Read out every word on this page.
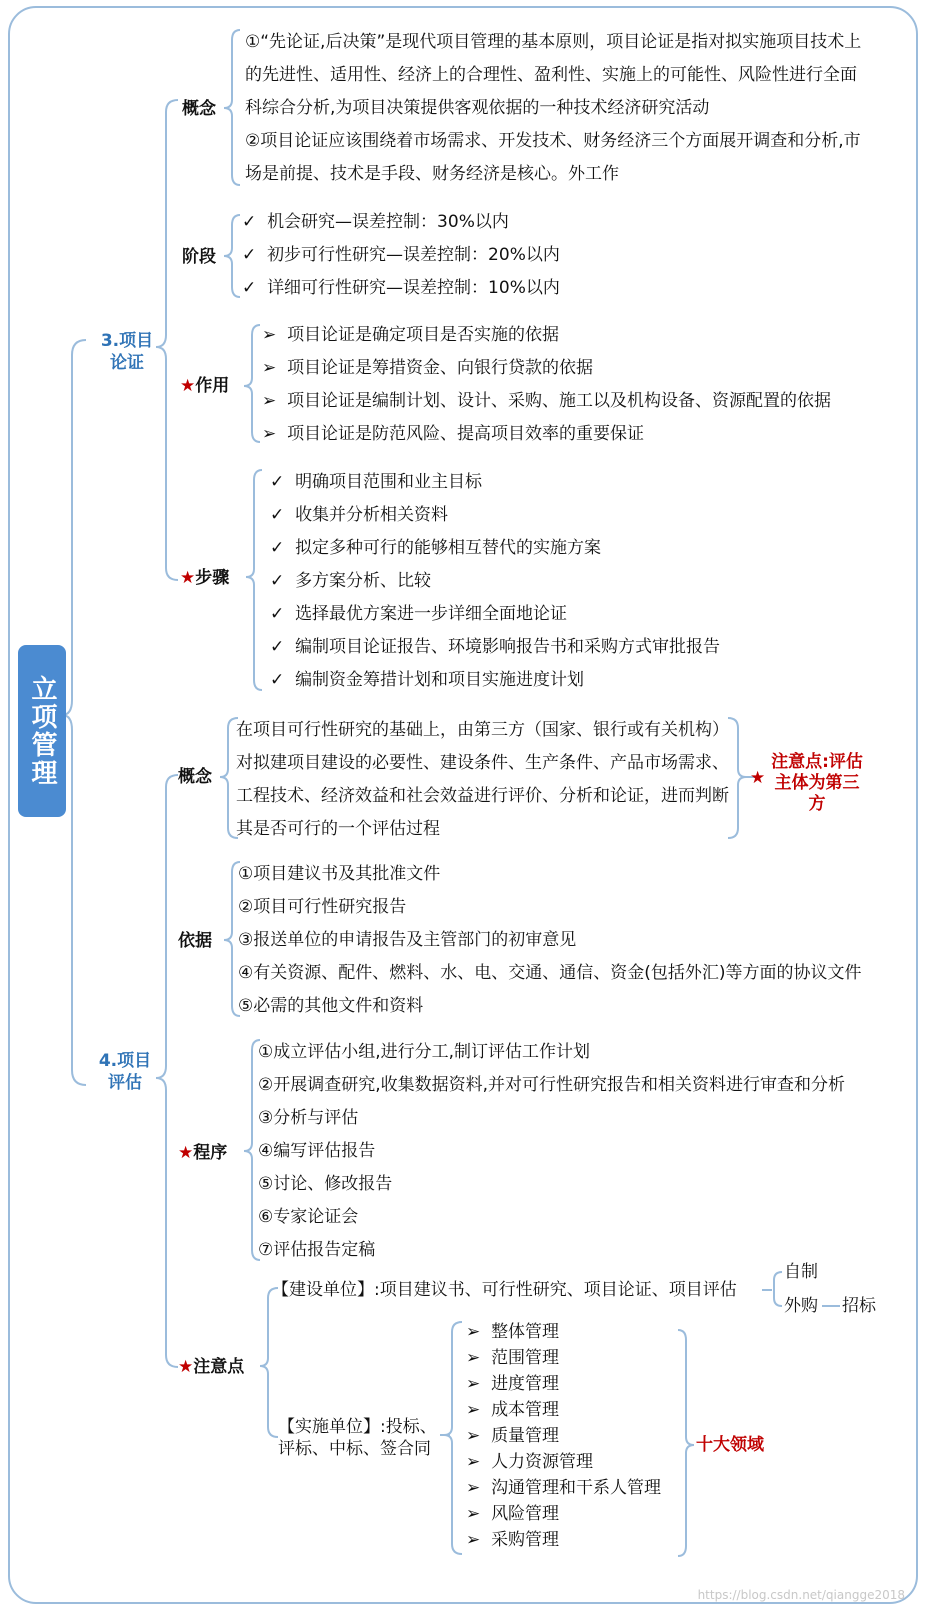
立项管理
3.项目
论证
概念
①“先论证,后决策”是现代项目管理的基本原则，项目论证是指对拟实施项目技术上的先进性、适用性、经济上的合理性、盈利性、实施上的可能性、风险性进行全面科综合分析,为项目决策提供客观依据的一种技术经济研究活动
②项目论证应该围绕着市场需求、开发技术、财务经济三个方面展开调查和分析,市场是前提、技术是手段、财务经济是核心。外工作
阶段
✓ 机会研究—误差控制：30%以内
✓ 初步可行性研究—误差控制：20%以内
✓ 详细可行性研究—误差控制：10%以内
★作用
➢ 项目论证是确定项目是否实施的依据
➢ 项目论证是筹措资金、向银行贷款的依据
➢ 项目论证是编制计划、设计、采购、施工以及机构设备、资源配置的依据
➢ 项目论证是防范风险、提高项目效率的重要保证
★步骤
✓ 明确项目范围和业主目标
✓ 收集并分析相关资料
✓ 拟定多种可行的能够相互替代的实施方案
✓ 多方案分析、比较
✓ 选择最优方案进一步详细全面地论证
✓ 编制项目论证报告、环境影响报告书和采购方式审批报告
✓ 编制资金筹措计划和项目实施进度计划
4.项目
评估
概念
在项目可行性研究的基础上，由第三方（国家、银行或有关机构）对拟建项目建设的必要性、建设条件、生产条件、产品市场需求、工程技术、经济效益和社会效益进行评价、分析和论证，进而判断其是否可行的一个评估过程
★
注意点:评估
主体为第三
方
依据
①项目建议书及其批准文件
②项目可行性研究报告
③报送单位的申请报告及主管部门的初审意见
④有关资源、配件、燃料、水、电、交通、通信、资金(包括外汇)等方面的协议文件
⑤必需的其他文件和资料
★程序
①成立评估小组,进行分工,制订评估工作计划
②开展调查研究,收集数据资料,并对可行性研究报告和相关资料进行审查和分析
③分析与评估
④编写评估报告
⑤讨论、修改报告
⑥专家论证会
⑦评估报告定稿
★注意点
【建设单位】:项目建议书、可行性研究、项目论证、项目评估
自制
外购 招标
【实施单位】:投标、
评标、中标、签合同
➢ 整体管理
➢ 范围管理
➢ 进度管理
➢ 成本管理
➢ 质量管理
➢ 人力资源管理
➢ 沟通管理和干系人管理
➢ 风险管理
➢ 采购管理
十大领域
https://blog.csdn.net/qiangge2018
